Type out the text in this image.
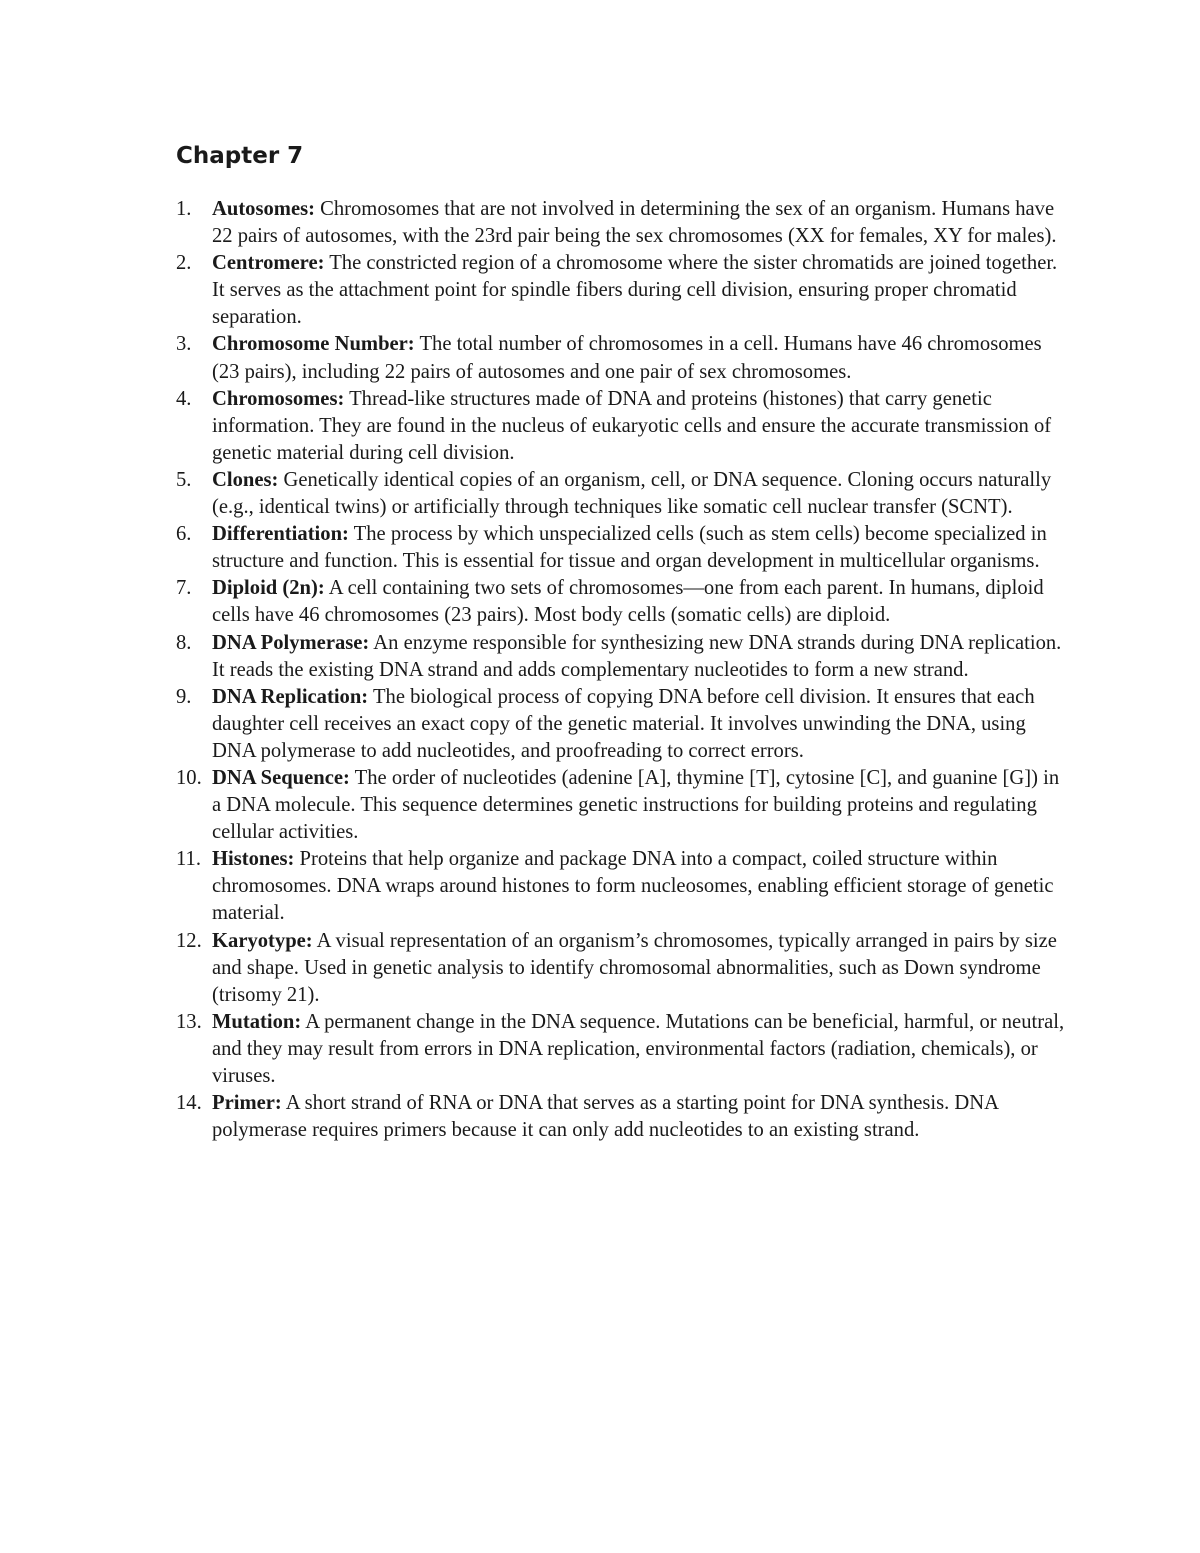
Chapter 7
1. Autosomes: Chromosomes that are not involved in determining the sex of an organism. Humans have 22 pairs of autosomes, with the 23rd pair being the sex chromosomes (XX for females, XY for males).
2. Centromere: The constricted region of a chromosome where the sister chromatids are joined together. It serves as the attachment point for spindle fibers during cell division, ensuring proper chromatid separation.
3. Chromosome Number: The total number of chromosomes in a cell. Humans have 46 chromosomes (23 pairs), including 22 pairs of autosomes and one pair of sex chromosomes.
4. Chromosomes: Thread-like structures made of DNA and proteins (histones) that carry genetic information. They are found in the nucleus of eukaryotic cells and ensure the accurate transmission of genetic material during cell division.
5. Clones: Genetically identical copies of an organism, cell, or DNA sequence. Cloning occurs naturally (e.g., identical twins) or artificially through techniques like somatic cell nuclear transfer (SCNT).
6. Differentiation: The process by which unspecialized cells (such as stem cells) become specialized in structure and function. This is essential for tissue and organ development in multicellular organisms.
7. Diploid (2n): A cell containing two sets of chromosomes—one from each parent. In humans, diploid cells have 46 chromosomes (23 pairs). Most body cells (somatic cells) are diploid.
8. DNA Polymerase: An enzyme responsible for synthesizing new DNA strands during DNA replication. It reads the existing DNA strand and adds complementary nucleotides to form a new strand.
9. DNA Replication: The biological process of copying DNA before cell division. It ensures that each daughter cell receives an exact copy of the genetic material. It involves unwinding the DNA, using DNA polymerase to add nucleotides, and proofreading to correct errors.
10. DNA Sequence: The order of nucleotides (adenine [A], thymine [T], cytosine [C], and guanine [G]) in a DNA molecule. This sequence determines genetic instructions for building proteins and regulating cellular activities.
11. Histones: Proteins that help organize and package DNA into a compact, coiled structure within chromosomes. DNA wraps around histones to form nucleosomes, enabling efficient storage of genetic material.
12. Karyotype: A visual representation of an organism’s chromosomes, typically arranged in pairs by size and shape. Used in genetic analysis to identify chromosomal abnormalities, such as Down syndrome (trisomy 21).
13. Mutation: A permanent change in the DNA sequence. Mutations can be beneficial, harmful, or neutral, and they may result from errors in DNA replication, environmental factors (radiation, chemicals), or viruses.
14. Primer: A short strand of RNA or DNA that serves as a starting point for DNA synthesis. DNA polymerase requires primers because it can only add nucleotides to an existing strand.
